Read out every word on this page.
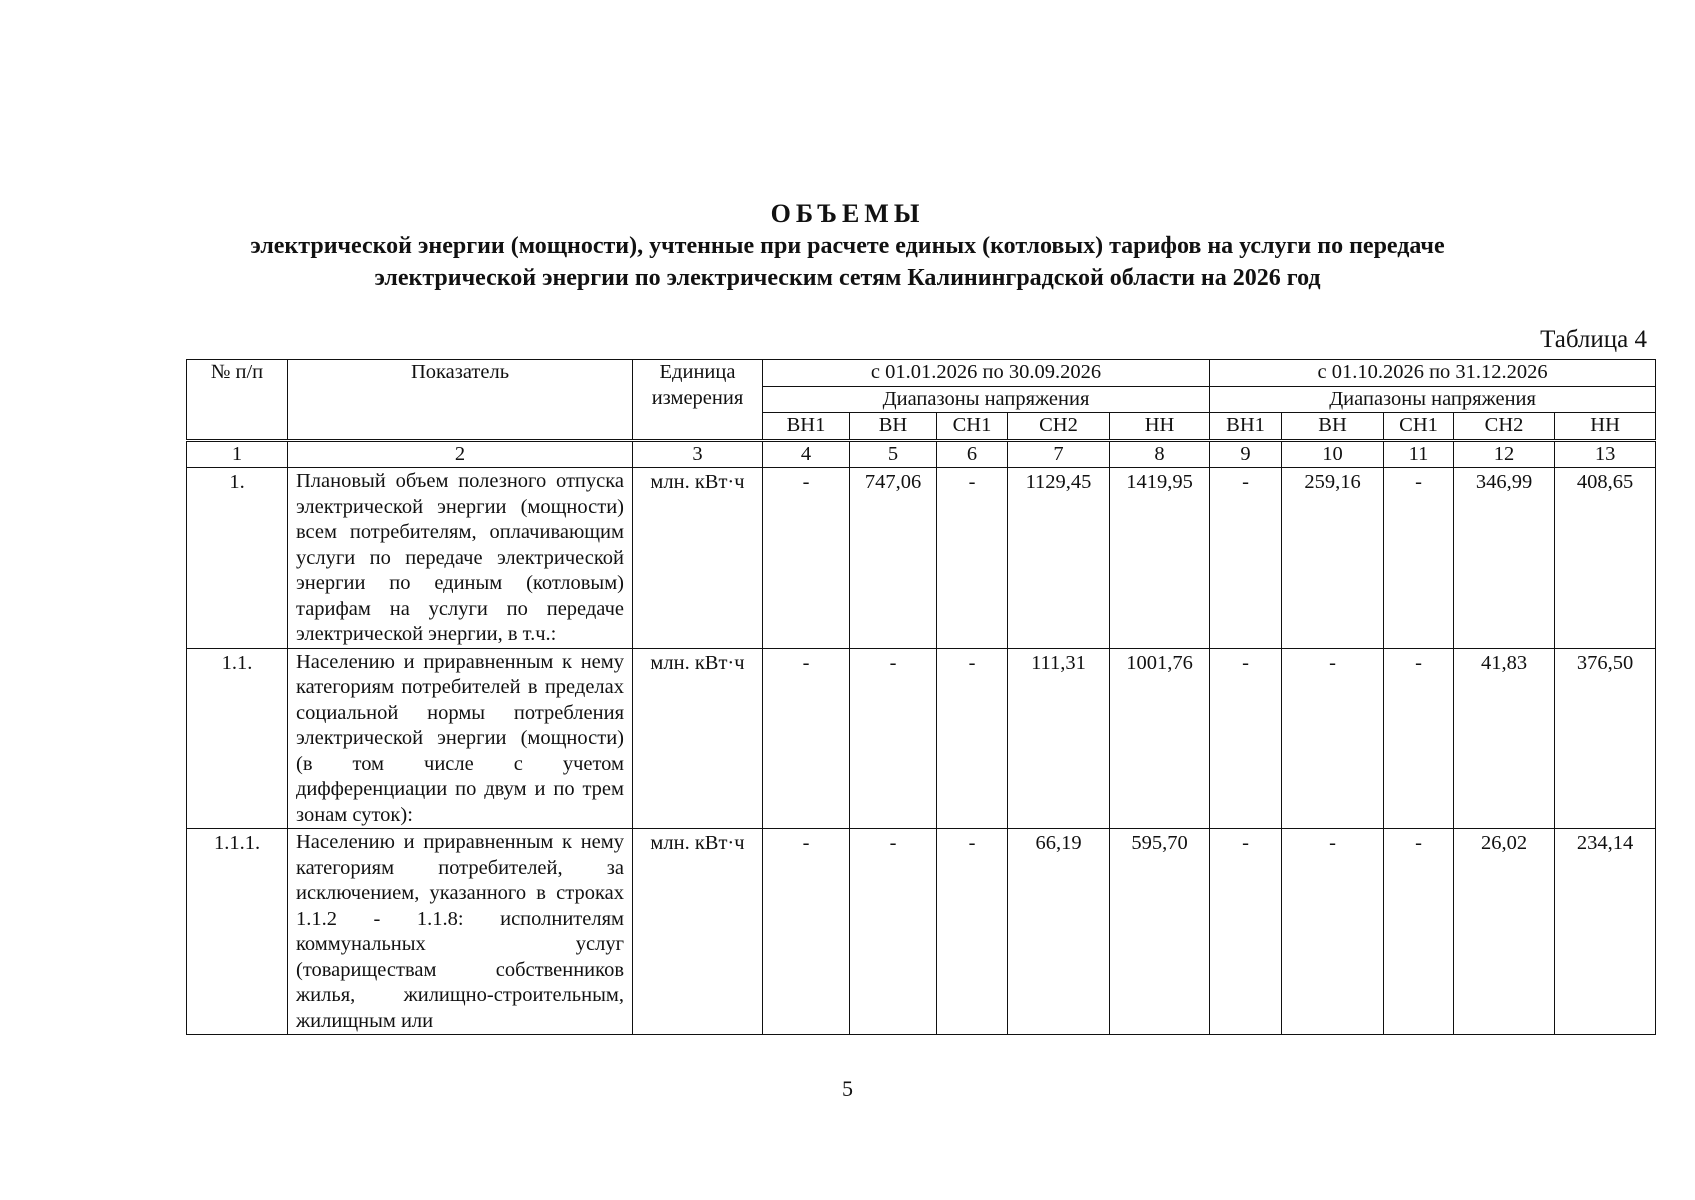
ОБЪЕМЫ
электрической энергии (мощности), учтенные при расчете единых (котловых) тарифов на услуги по передаче
электрической энергии по электрическим сетям Калининградской области на 2026 год
Таблица 4
№ п/п	Показатель	Единица измерения	с 01.01.2026 по 30.09.2026					с 01.10.2026 по 31.12.2026				
			Диапазоны напряжения					Диапазоны напряжения				
			ВН1	ВН	СН1	СН2	НН	ВН1	ВН	СН1	СН2	НН
1	2	3	4	5	6	7	8	9	10	11	12	13
1.	Плановый объем полезного отпуска электрической энергии (мощности) всем потребителям, оплачивающим услуги по передаче электрической энергии по единым (котловым) тарифам на услуги по передаче электрической энергии, в т.ч.:	млн. кВт·ч	-	747,06	-	1129,45	1419,95	-	259,16	-	346,99	408,65
1.1.	Населению и приравненным к нему категориям потребителей в пределах социальной нормы потребления электрической энергии (мощности) (в том числе с учетом дифференциации по двум и по трем зонам суток):	млн. кВт·ч	-	-	-	111,31	1001,76	-	-	-	41,83	376,50
1.1.1.	Населению и приравненным к нему категориям потребителей, за исключением, указанного в строках 1.1.2 - 1.1.8: исполнителям коммунальных услуг (товариществам собственников жилья, жилищно-строительным, жилищным или	млн. кВт·ч	-	-	-	66,19	595,70	-	-	-	26,02	234,14
5
